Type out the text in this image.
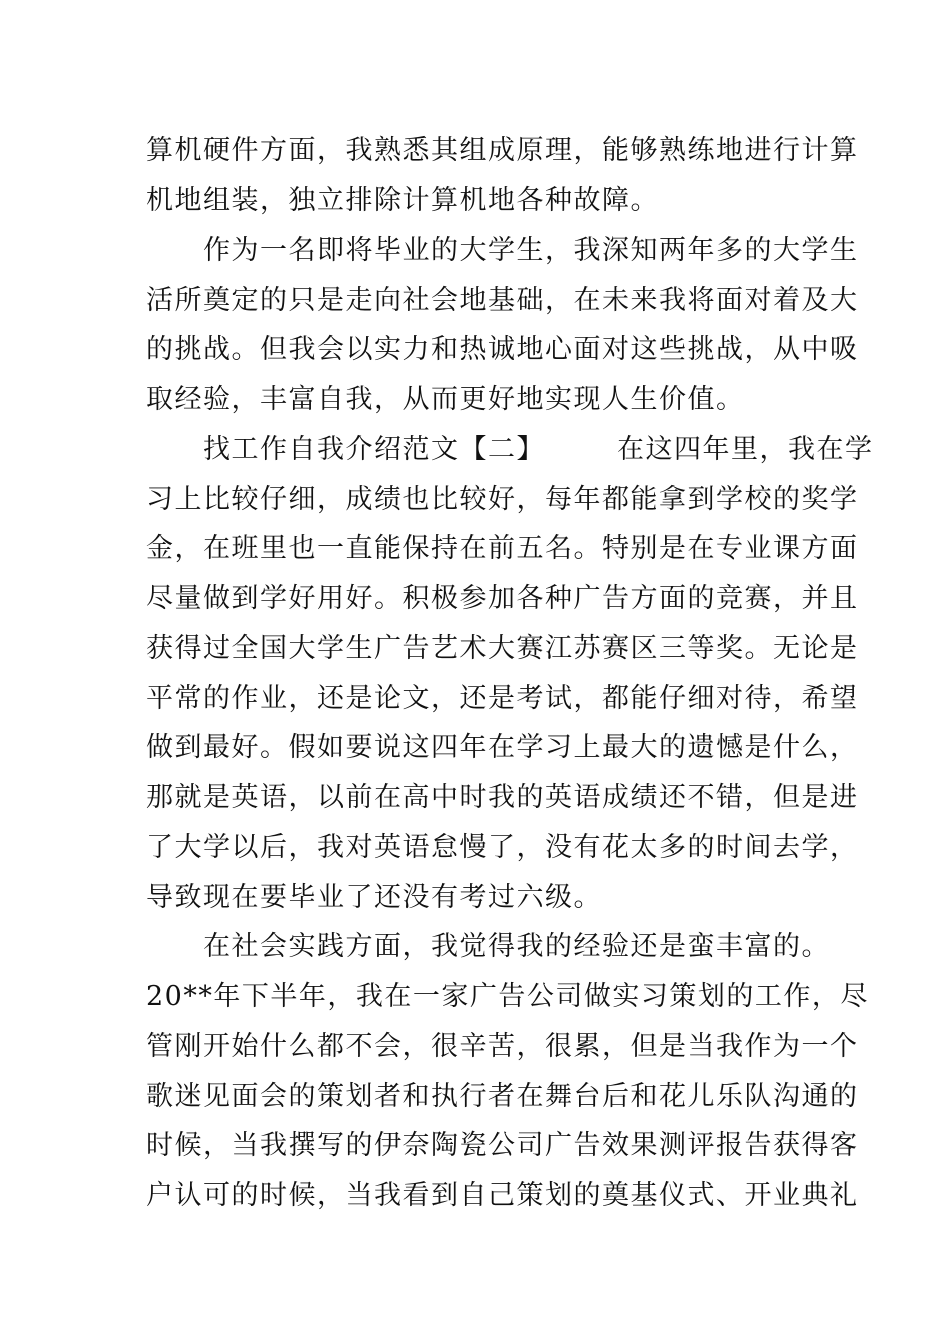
算机硬件方面，我熟悉其组成原理，能够熟练地进行计算
机地组装，独立排除计算机地各种故障。
　　作为一名即将毕业的大学生，我深知两年多的大学生
活所奠定的只是走向社会地基础，在未来我将面对着及大
的挑战。但我会以实力和热诚地心面对这些挑战，从中吸
取经验，丰富自我，从而更好地实现人生价值。
　　找工作自我介绍范文【二】　　　在这四年里，我在学
习上比较仔细，成绩也比较好，每年都能拿到学校的奖学
金，在班里也一直能保持在前五名。特别是在专业课方面
尽量做到学好用好。积极参加各种广告方面的竞赛，并且
获得过全国大学生广告艺术大赛江苏赛区三等奖。无论是
平常的作业，还是论文，还是考试，都能仔细对待，希望
做到最好。假如要说这四年在学习上最大的遗憾是什么，
那就是英语，以前在高中时我的英语成绩还不错，但是进
了大学以后，我对英语怠慢了，没有花太多的时间去学，
导致现在要毕业了还没有考过六级。
　　在社会实践方面，我觉得我的经验还是蛮丰富的。
20**年下半年，我在一家广告公司做实习策划的工作，尽
管刚开始什么都不会，很辛苦，很累，但是当我作为一个
歌迷见面会的策划者和执行者在舞台后和花儿乐队沟通的
时候，当我撰写的伊奈陶瓷公司广告效果测评报告获得客
户认可的时候，当我看到自己策划的奠基仪式、开业典礼
